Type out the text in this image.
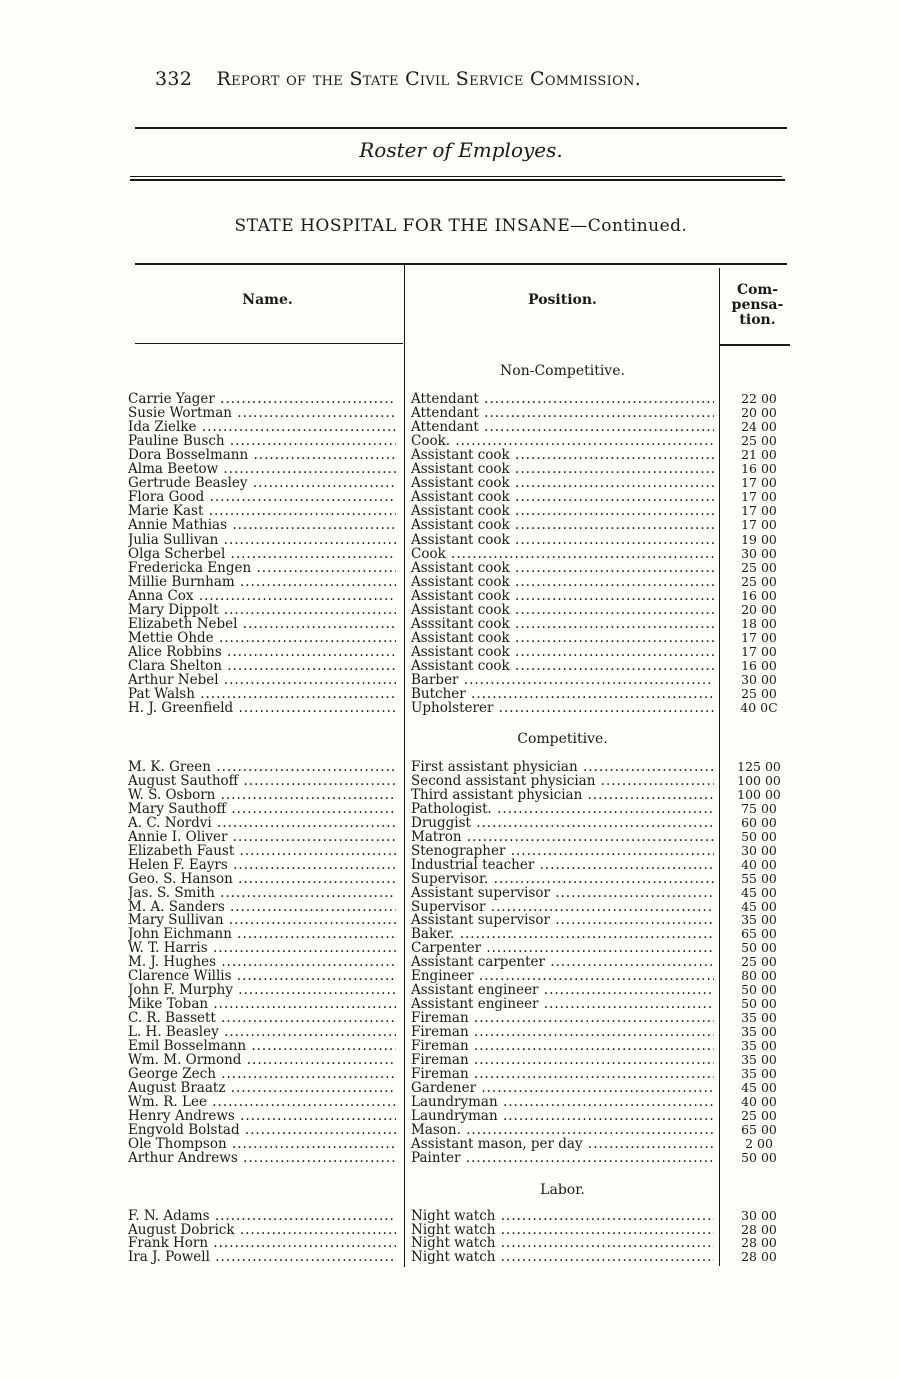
332 Report of the State Civil Service Commission.
Roster of Employes.
STATE HOSPITAL FOR THE INSANE—Continued.
Name.	Position.
Com- pensa- tion.
Non-Competitive.
Carrie Yager .....	Attendant .....	22 00
Susie Wortman .....	Attendant .....	20 00
Ida Zielke .....	Attendant .....	24 00
Pauline Busch .....	Cook. .....	25 00
Dora Bosselmann .....	Assistant cook .....	21 00
Alma Beetow .....	Assistant cook .....	16 00
Gertrude Beasley .....	Assistant cook .....	17 00
Flora Good .....	Assistant cook .....	17 00
Marie Kast .....	Assistant cook .....	17 00
Annie Mathias .....	Assistant cook .....	17 00
Julia Sullivan .....	Assistant cook .....	19 00
Olga Scherbel .....	Cook .....	30 00
Fredericka Engen .....	Assistant cook .....	25 00
Millie Burnham .....	Assistant cook .....	25 00
Anna Cox .....	Assistant cook .....	16 00
Mary Dippolt .....	Assistant cook .....	20 00
Elizabeth Nebel .....	Asssitant cook .....	18 00
Mettie Ohde .....	Assistant cook .....	17 00
Alice Robbins .....	Assistant cook .....	17 00
Clara Shelton .....	Assistant cook .....	16 00
Arthur Nebel .....	Barber .....	30 00
Pat Walsh .....	Butcher .....	25 00
H. J. Greenfield .....	Upholsterer .....	40 0C
Competitive.
M. K. Green .....	First assistant physician .....	125 00
August Sauthoff .....	Second assistant physician .....	100 00
W. S. Osborn .....	Third assistant physician .....	100 00
Mary Sauthoff .....	Pathologist. .....	75 00
A. C. Nordvi .....	Druggist .....	60 00
Annie I. Oliver .....	Matron .....	50 00
Elizabeth Faust .....	Stenographer .....	30 00
Helen F. Eayrs .....	Industrial teacher .....	40 00
Geo. S. Hanson .....	Supervisor. .....	55 00
Jas. S. Smith .....	Assistant supervisor .....	45 00
M. A. Sanders .....	Supervisor .....	45 00
Mary Sullivan .....	Assistant supervisor .....	35 00
John Eichmann .....	Baker. .....	65 00
W. T. Harris .....	Carpenter .....	50 00
M. J. Hughes .....	Assistant carpenter .....	25 00
Clarence Willis .....	Engineer .....	80 00
John F. Murphy .....	Assistant engineer .....	50 00
Mike Toban .....	Assistant engineer .....	50 00
C. R. Bassett .....	Fireman .....	35 00
L. H. Beasley .....	Fireman .....	35 00
Emil Bosselmann .....	Fireman .....	35 00
Wm. M. Ormond .....	Fireman .....	35 00
George Zech .....	Fireman .....	35 00
August Braatz .....	Gardener .....	45 00
Wm. R. Lee .....	Laundryman .....	40 00
Henry Andrews .....	Laundryman .....	25 00
Engvold Bolstad .....	Mason. .....	65 00
Ole Thompson .....	Assistant mason, per day .....	2 00
Arthur Andrews .....	Painter .....	50 00
Labor.
F. N. Adams .....	Night watch .....	30 00
August Dobrick .....	Night watch .....	28 00
Frank Horn .....	Night watch .....	28 00
Ira J. Powell .....	Night watch .....	28 00
